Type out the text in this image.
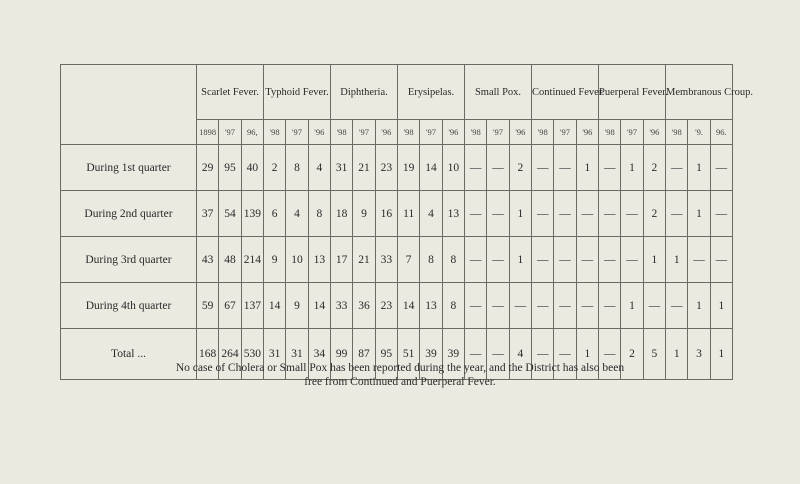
	Scarlet Fever.			Typhoid Fever.			Diphtheria.			Erysipelas.			Small Pox.			Continued Fever.			Puerperal Fever.			Membranous Croup.		
	1898	'97	96,	'98	'97	'96	'98	'97	'96	'98	'97	'96	'98	'97	'96	'98	'97	'96	'98	'97	'96	'98	'9.	96.
During 1st quarter	29	95	40	2	8	4	31	21	23	19	14	10	—	—	2	—	—	1	—	1	2	—	1	—
During 2nd quarter	37	54	139	6	4	8	18	9	16	11	4	13	—	—	1	—	—	—	—	—	2	—	1	—
During 3rd quarter	43	48	214	9	10	13	17	21	33	7	8	8	—	—	1	—	—	—	—	—	1	1	—	—
During 4th quarter	59	67	137	14	9	14	33	36	23	14	13	8	—	—	—	—	—	—	—	1	—	—	1	1
Total ...	168	264	530	31	31	34	99	87	95	51	39	39	—	—	4	—	—	1	—	2	5	1	3	1
No case of Cholera or Small Pox has been reported during the year, and the District has also been
free from Continued and Puerperal Fever.
